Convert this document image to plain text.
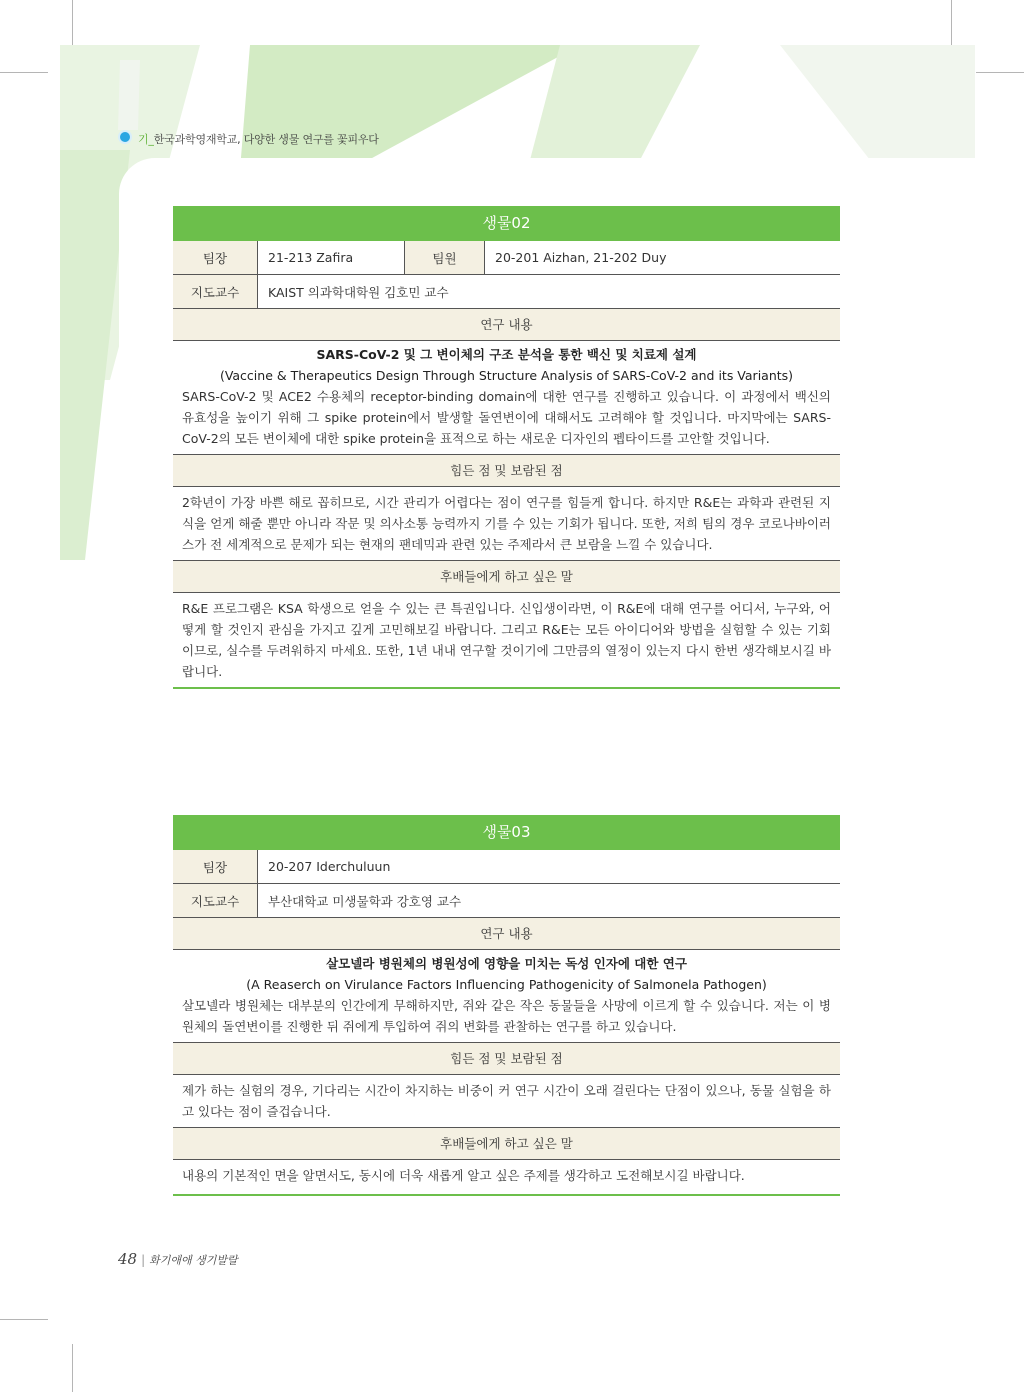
기_한국과학영재학교, 다양한 생물 연구를 꽃피우다
생물02
팀장	21-213 Zafira	팀원	20-201 Aizhan, 21-202 Duy
지도교수	KAIST 의과학대학원 김호민 교수
연구 내용
SARS-CoV-2 및 그 변이체의 구조 분석을 통한 백신 및 치료제 설계
(Vaccine & Therapeutics Design Through Structure Analysis of SARS-CoV-2 and its Variants)
SARS-CoV-2 및 ACE2 수용체의 receptor-binding domain에 대한 연구를 진행하고 있습니다. 이 과정에서 백신의 유효성을 높이기 위해 그 spike protein에서 발생할 돌연변이에 대해서도 고려해야 할 것입니다. 마지막에는 SARS-CoV-2의 모든 변이체에 대한 spike protein을 표적으로 하는 새로운 디자인의 펩타이드를 고안할 것입니다.
힘든 점 및 보람된 점
2학년이 가장 바쁜 해로 꼽히므로, 시간 관리가 어렵다는 점이 연구를 힘들게 합니다. 하지만 R&E는 과학과 관련된 지식을 얻게 해줄 뿐만 아니라 작문 및 의사소통 능력까지 기를 수 있는 기회가 됩니다. 또한, 저희 팀의 경우 코로나바이러스가 전 세계적으로 문제가 되는 현재의 팬데믹과 관련 있는 주제라서 큰 보람을 느낄 수 있습니다.
후배들에게 하고 싶은 말
R&E 프로그램은 KSA 학생으로 얻을 수 있는 큰 특권입니다. 신입생이라면, 이 R&E에 대해 연구를 어디서, 누구와, 어떻게 할 것인지 관심을 가지고 깊게 고민해보길 바랍니다. 그리고 R&E는 모든 아이디어와 방법을 실험할 수 있는 기회이므로, 실수를 두려워하지 마세요. 또한, 1년 내내 연구할 것이기에 그만큼의 열정이 있는지 다시 한번 생각해보시길 바랍니다.
생물03
팀장	20-207 Iderchuluun
지도교수	부산대학교 미생물학과 강호영 교수
연구 내용
살모넬라 병원체의 병원성에 영향을 미치는 독성 인자에 대한 연구
(A Reaserch on Virulance Factors Influencing Pathogenicity of Salmonela Pathogen)
살모넬라 병원체는 대부분의 인간에게 무해하지만, 쥐와 같은 작은 동물들을 사망에 이르게 할 수 있습니다. 저는 이 병원체의 돌연변이를 진행한 뒤 쥐에게 투입하여 쥐의 변화를 관찰하는 연구를 하고 있습니다.
힘든 점 및 보람된 점
제가 하는 실험의 경우, 기다리는 시간이 차지하는 비중이 커 연구 시간이 오래 걸린다는 단점이 있으나, 동물 실험을 하고 있다는 점이 즐겁습니다.
후배들에게 하고 싶은 말
내용의 기본적인 면을 알면서도, 동시에 더욱 새롭게 알고 싶은 주제를 생각하고 도전해보시길 바랍니다.
48 | 화기애애 생기발랄
